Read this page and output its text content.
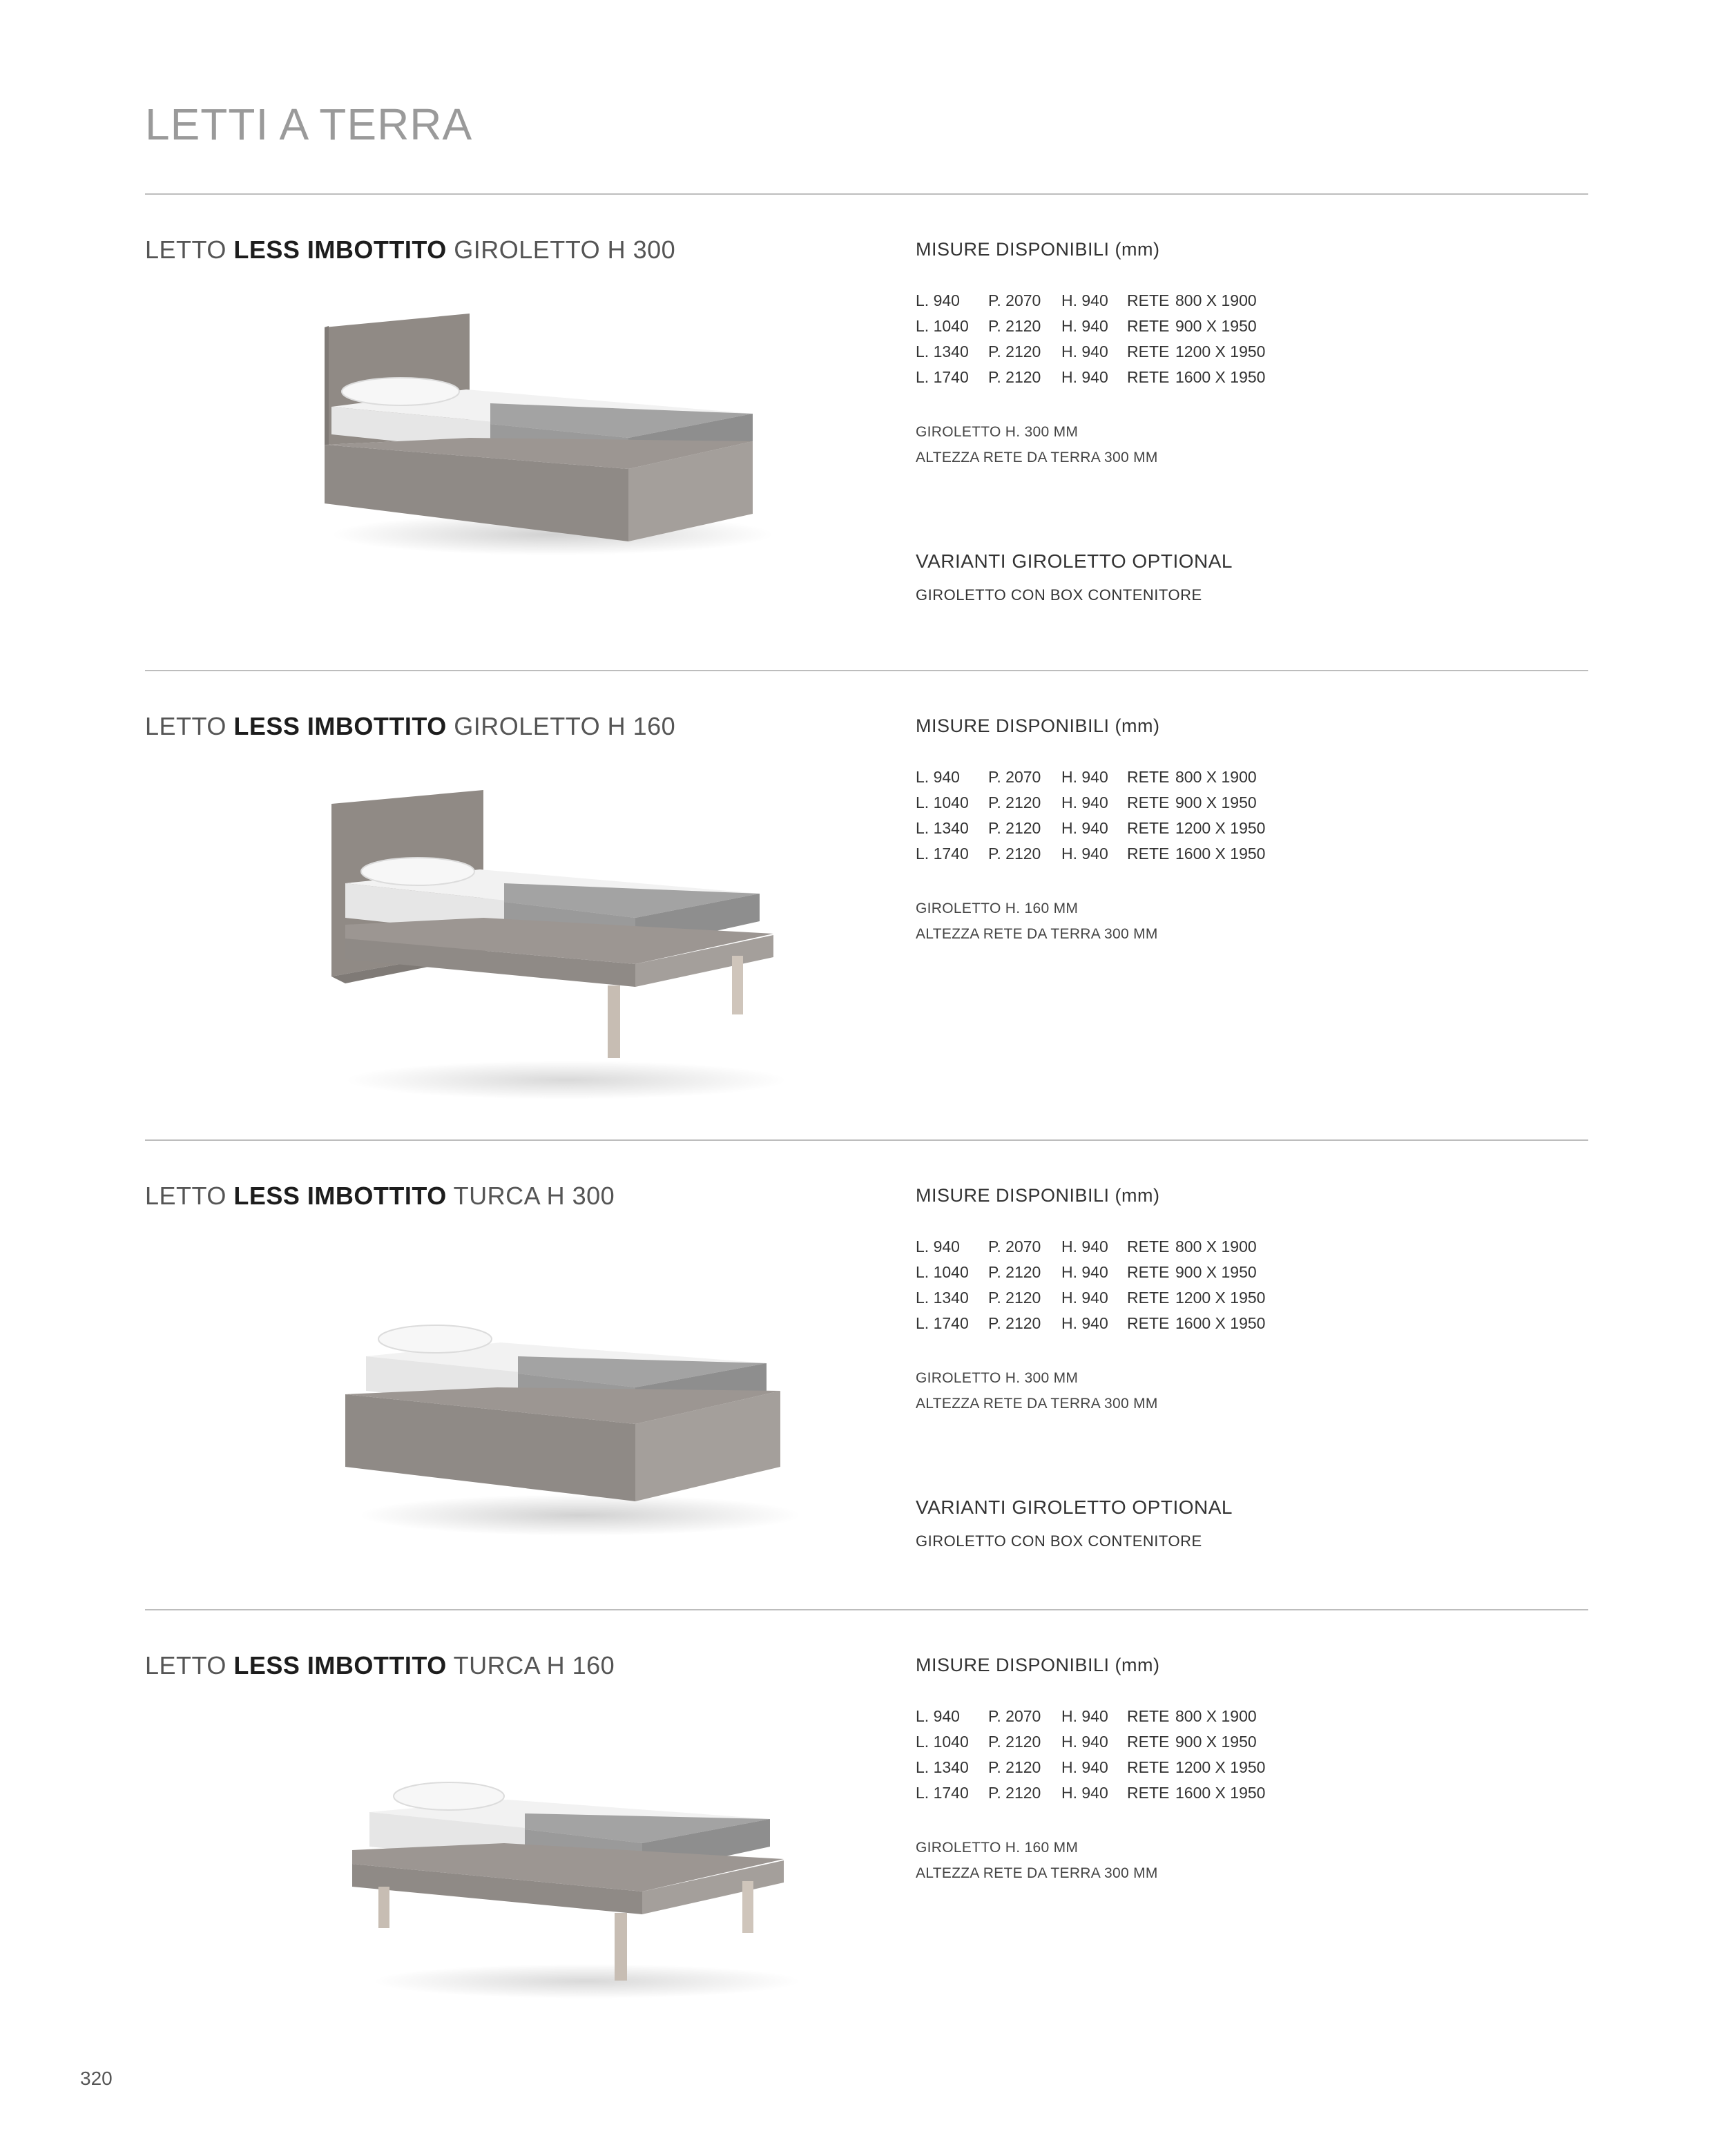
LETTI A TERRA
LETTO LESS IMBOTTITO GIROLETTO H 300	MISURE DISPONIBILI (mm)
L. 940	P. 2070	H. 940	RETE	800 X 1900
L. 1040	P. 2120	H. 940	RETE	900 X 1950
L. 1340	P. 2120	H. 940	RETE	1200 X 1950
L. 1740	P. 2120	H. 940	RETE	1600 X 1950
GIROLETTO H. 300 MM
ALTEZZA RETE DA TERRA 300 MM
VARIANTI GIROLETTO OPTIONAL
GIROLETTO CON BOX CONTENITORE
LETTO LESS IMBOTTITO GIROLETTO H 160	MISURE DISPONIBILI (mm)
L. 940	P. 2070	H. 940	RETE	800 X 1900
L. 1040	P. 2120	H. 940	RETE	900 X 1950
L. 1340	P. 2120	H. 940	RETE	1200 X 1950
L. 1740	P. 2120	H. 940	RETE	1600 X 1950
GIROLETTO H. 160 MM
ALTEZZA RETE DA TERRA 300 MM
LETTO LESS IMBOTTITO TURCA H 300	MISURE DISPONIBILI (mm)
L. 940	P. 2070	H. 940	RETE	800 X 1900
L. 1040	P. 2120	H. 940	RETE	900 X 1950
L. 1340	P. 2120	H. 940	RETE	1200 X 1950
L. 1740	P. 2120	H. 940	RETE	1600 X 1950
GIROLETTO H. 300 MM
ALTEZZA RETE DA TERRA 300 MM
VARIANTI GIROLETTO OPTIONAL
GIROLETTO CON BOX CONTENITORE
LETTO LESS IMBOTTITO TURCA H 160	MISURE DISPONIBILI (mm)
L. 940	P. 2070	H. 940	RETE	800 X 1900
L. 1040	P. 2120	H. 940	RETE	900 X 1950
L. 1340	P. 2120	H. 940	RETE	1200 X 1950
L. 1740	P. 2120	H. 940	RETE	1600 X 1950
GIROLETTO H. 160 MM
ALTEZZA RETE DA TERRA 300 MM
320
